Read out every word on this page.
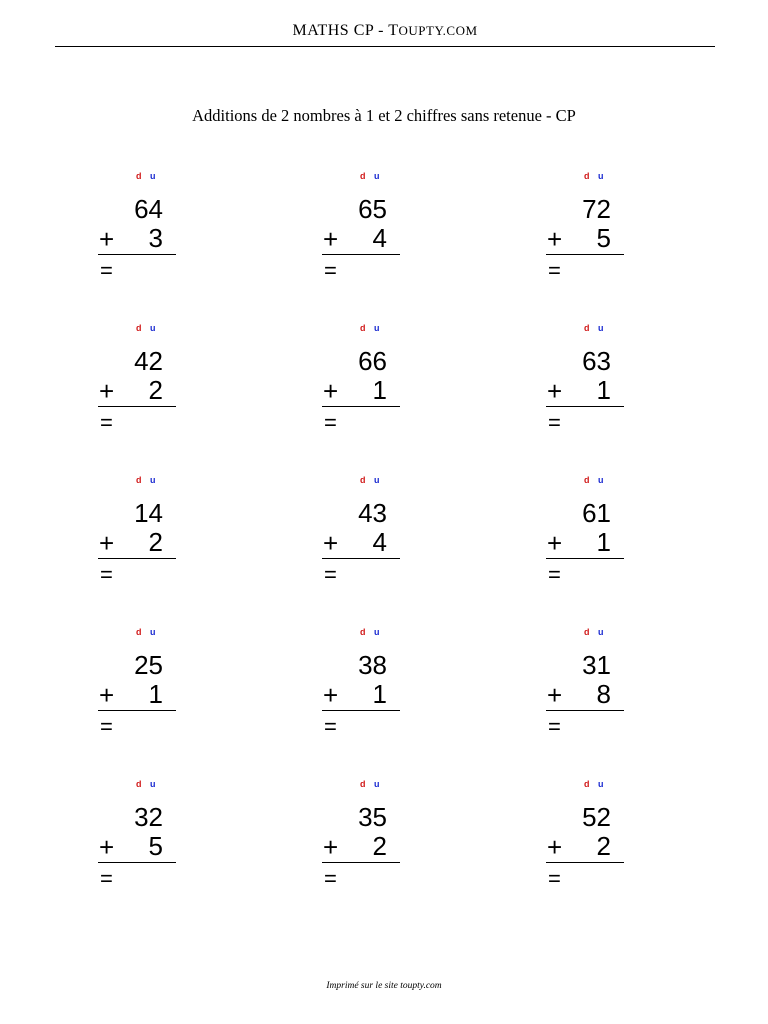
MATHS CP - TOUPTY.COM
Additions de 2 nombres à 1 et 2 chiffres sans retenue - CP
d u
64
+	3
=
d u
65
+	4
=
d u
72
+	5
=
d u
42
+	2
=
d u
66
+	1
=
d u
63
+	1
=
d u
14
+	2
=
d u
43
+	4
=
d u
61
+	1
=
d u
25
+	1
=
d u
38
+	1
=
d u
31
+	8
=
d u
32
+	5
=
d u
35
+	2
=
d u
52
+	2
=
Imprimé sur le site toupty.com
